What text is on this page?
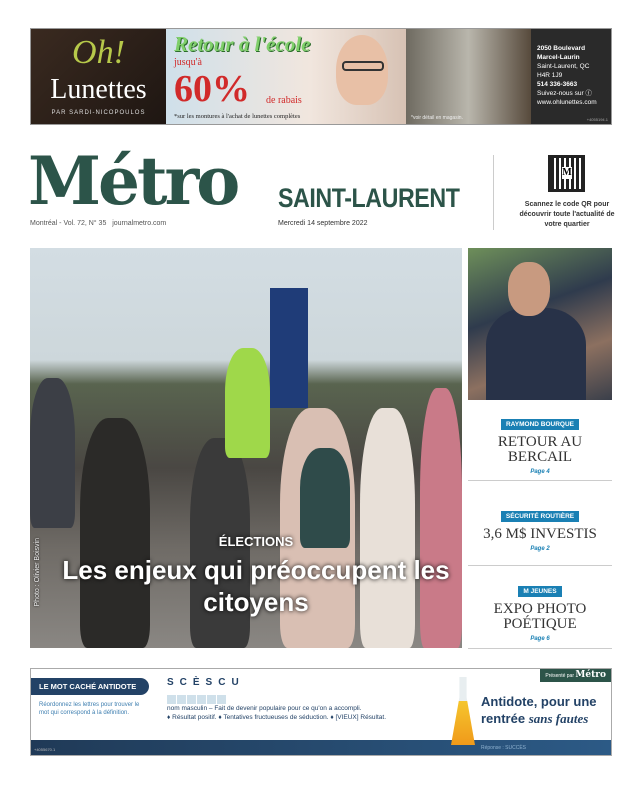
Oh!
Lunettes
PAR SARDI-NICOPOULOS
Retour à l'école
jusqu'à
60% de rabais
*sur les montures à l'achat de lunettes complètes	*voir détail en magasin.
2050 Boulevard
Marcel-Laurin
Saint-Laurent, QC
H4R 1J9
514 336-3663
Suivez-nous sur ⓕ
www.ohlunettes.com
+4055194.1
Métro SAINT-LAURENT
Montréal - Vol. 72, N° 35 journalmetro.com	Mercredi 14 septembre 2022
M
Scannez le code QR pour découvrir toute l'actualité de votre quartier
ÉLECTIONS
Les enjeux qui préoccupent les citoyens
Photo : Olivier Boisvin
RAYMOND BOURQUE
RETOUR AU BERCAIL
Page 4
SÉCURITÉ ROUTIÈRE
3,6 M$ INVESTIS
Page 2
M JEUNES
EXPO PHOTO POÉTIQUE
Page 6
LE MOT CACHÉ ANTIDOTE
Réordonnez les lettres pour trouver le mot qui correspond à la définition.
SCÈSCU
nom masculin – Fait de devenir populaire pour ce qu'on a accompli.
♦ Résultat positif. ♦ Tentatives fructueuses de séduction. ♦ [VIEUX] Résultat.
Présenté par Métro
Antidote, pour une
rentrée sans fautes
Réponse : SUCCÈS
+4055670.1
